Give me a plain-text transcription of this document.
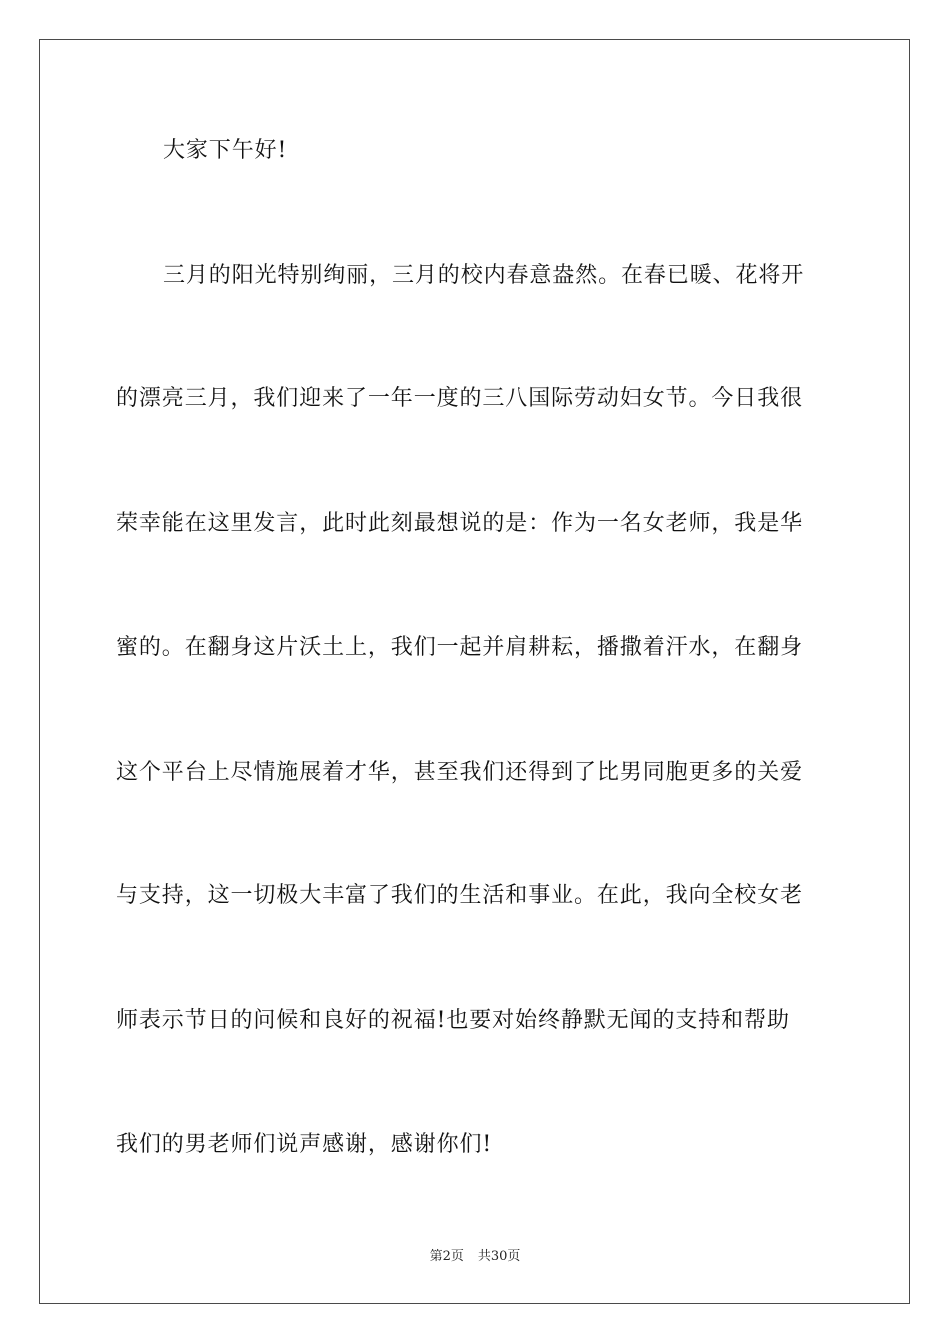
大家下午好!
三月的阳光特别绚丽，三月的校内春意盎然。在春已暖、花将开
的漂亮三月，我们迎来了一年一度的三八国际劳动妇女节。今日我很
荣幸能在这里发言，此时此刻最想说的是：作为一名女老师，我是华
蜜的。在翻身这片沃土上，我们一起并肩耕耘，播撒着汗水，在翻身
这个平台上尽情施展着才华，甚至我们还得到了比男同胞更多的关爱
与支持，这一切极大丰富了我们的生活和事业。在此，我向全校女老
师表示节日的问候和良好的祝福!也要对始终静默无闻的支持和帮助
我们的男老师们说声感谢，感谢你们!
第2页 共30页
